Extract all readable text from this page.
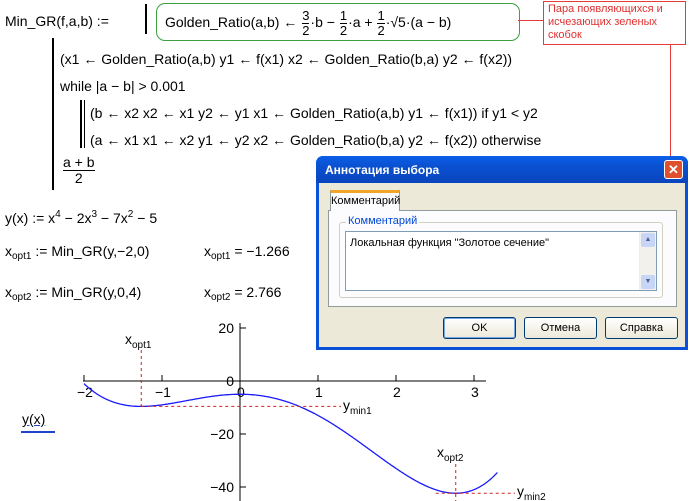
Min_GR(f,a,b) :=	Golden_Ratio(a,b) ← $\frac{3}{2} \cdot b - \frac{1}{2} \cdot a + \frac{1}{2} \cdot√5\cdot(a - b)$
(x1 ← Golden_Ratio(a,b) y1 ← f(x1) x2 ← Golden_Ratio(b,a) y2 ← f(x2))
while |a − b| > 0.001
(b ← x2 x2 ← x1 y2 ← y1 x1 ← Golden_Ratio(a,b) y1 ← f(x1)) if y1 < y2
(a ← x1 x1 ← x2 y1 ← y2 x2 ← Golden_Ratio(b,a) y2 ← f(x2)) otherwise
$\frac{a + b}{2}$
y(x) := $x^4 - 2x^3 - 7x^2 - 5$
$x_{opt1}$ := Min_GR(y,−2,0)	$x_{opt1} = -1.266$
$x_{opt2}$ := Min_GR(y,0,4)	$x_{opt2} = 2.766$
Пара появляющихся и исчезающих зеленых скобок
−2	−1	0	1	2	3
20
0
−20
−40
$x_{opt1}$
$y_{min1}$
$x_{opt2}$
$y_{min2}$
y(x)
Аннотация выбора	✕
Комментарий
Локальная функция "Золотое сечение"	▲
▼
Комментарий
OK	Отмена	Справка
